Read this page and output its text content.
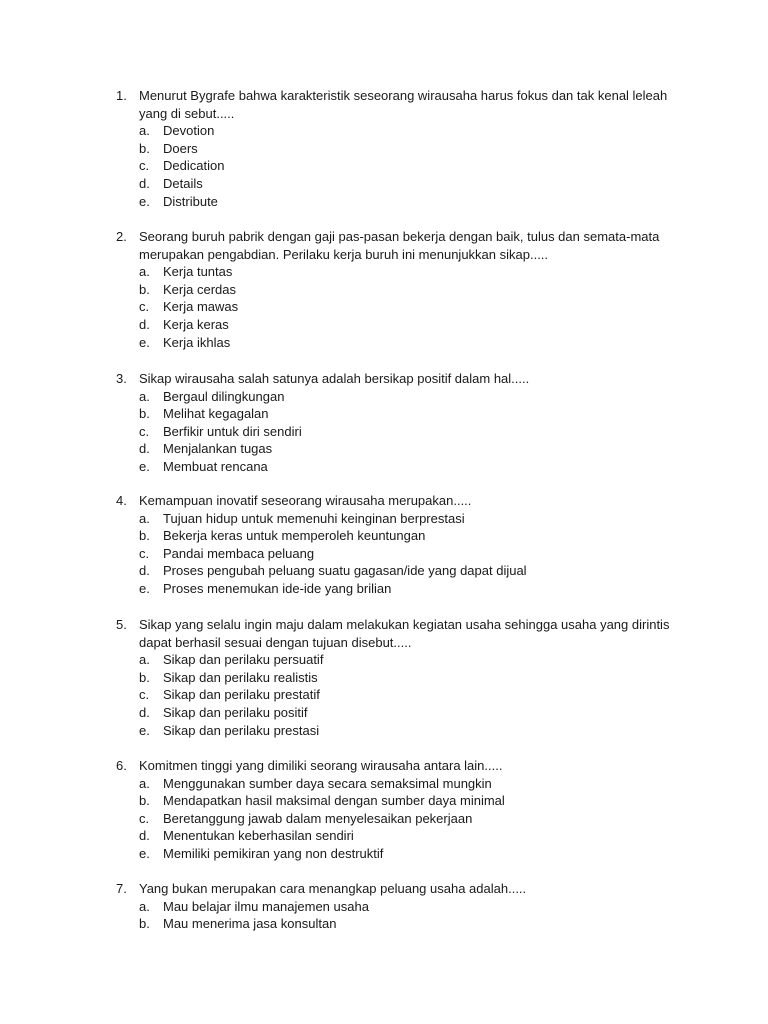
1. Menurut Bygrafe bahwa karakteristik seseorang wirausaha harus fokus dan tak kenal leleah
yang di sebut.....
a. Devotion
b. Doers
c. Dedication
d. Details
e. Distribute
2. Seorang buruh pabrik dengan gaji pas-pasan bekerja dengan baik, tulus dan semata-mata
merupakan pengabdian. Perilaku kerja buruh ini menunjukkan sikap.....
a. Kerja tuntas
b. Kerja cerdas
c. Kerja mawas
d. Kerja keras
e. Kerja ikhlas
3. Sikap wirausaha salah satunya adalah bersikap positif dalam hal.....
a. Bergaul dilingkungan
b. Melihat kegagalan
c. Berfikir untuk diri sendiri
d. Menjalankan tugas
e. Membuat rencana
4. Kemampuan inovatif seseorang wirausaha merupakan.....
a. Tujuan hidup untuk memenuhi keinginan berprestasi
b. Bekerja keras untuk memperoleh keuntungan
c. Pandai membaca peluang
d. Proses pengubah peluang suatu gagasan/ide yang dapat dijual
e. Proses menemukan ide-ide yang brilian
5. Sikap yang selalu ingin maju dalam melakukan kegiatan usaha sehingga usaha yang dirintis
dapat berhasil sesuai dengan tujuan disebut.....
a. Sikap dan perilaku persuatif
b. Sikap dan perilaku realistis
c. Sikap dan perilaku prestatif
d. Sikap dan perilaku positif
e. Sikap dan perilaku prestasi
6. Komitmen tinggi yang dimiliki seorang wirausaha antara lain.....
a. Menggunakan sumber daya secara semaksimal mungkin
b. Mendapatkan hasil maksimal dengan sumber daya minimal
c. Beretanggung jawab dalam menyelesaikan pekerjaan
d. Menentukan keberhasilan sendiri
e. Memiliki pemikiran yang non destruktif
7. Yang bukan merupakan cara menangkap peluang usaha adalah.....
a. Mau belajar ilmu manajemen usaha
b. Mau menerima jasa konsultan
